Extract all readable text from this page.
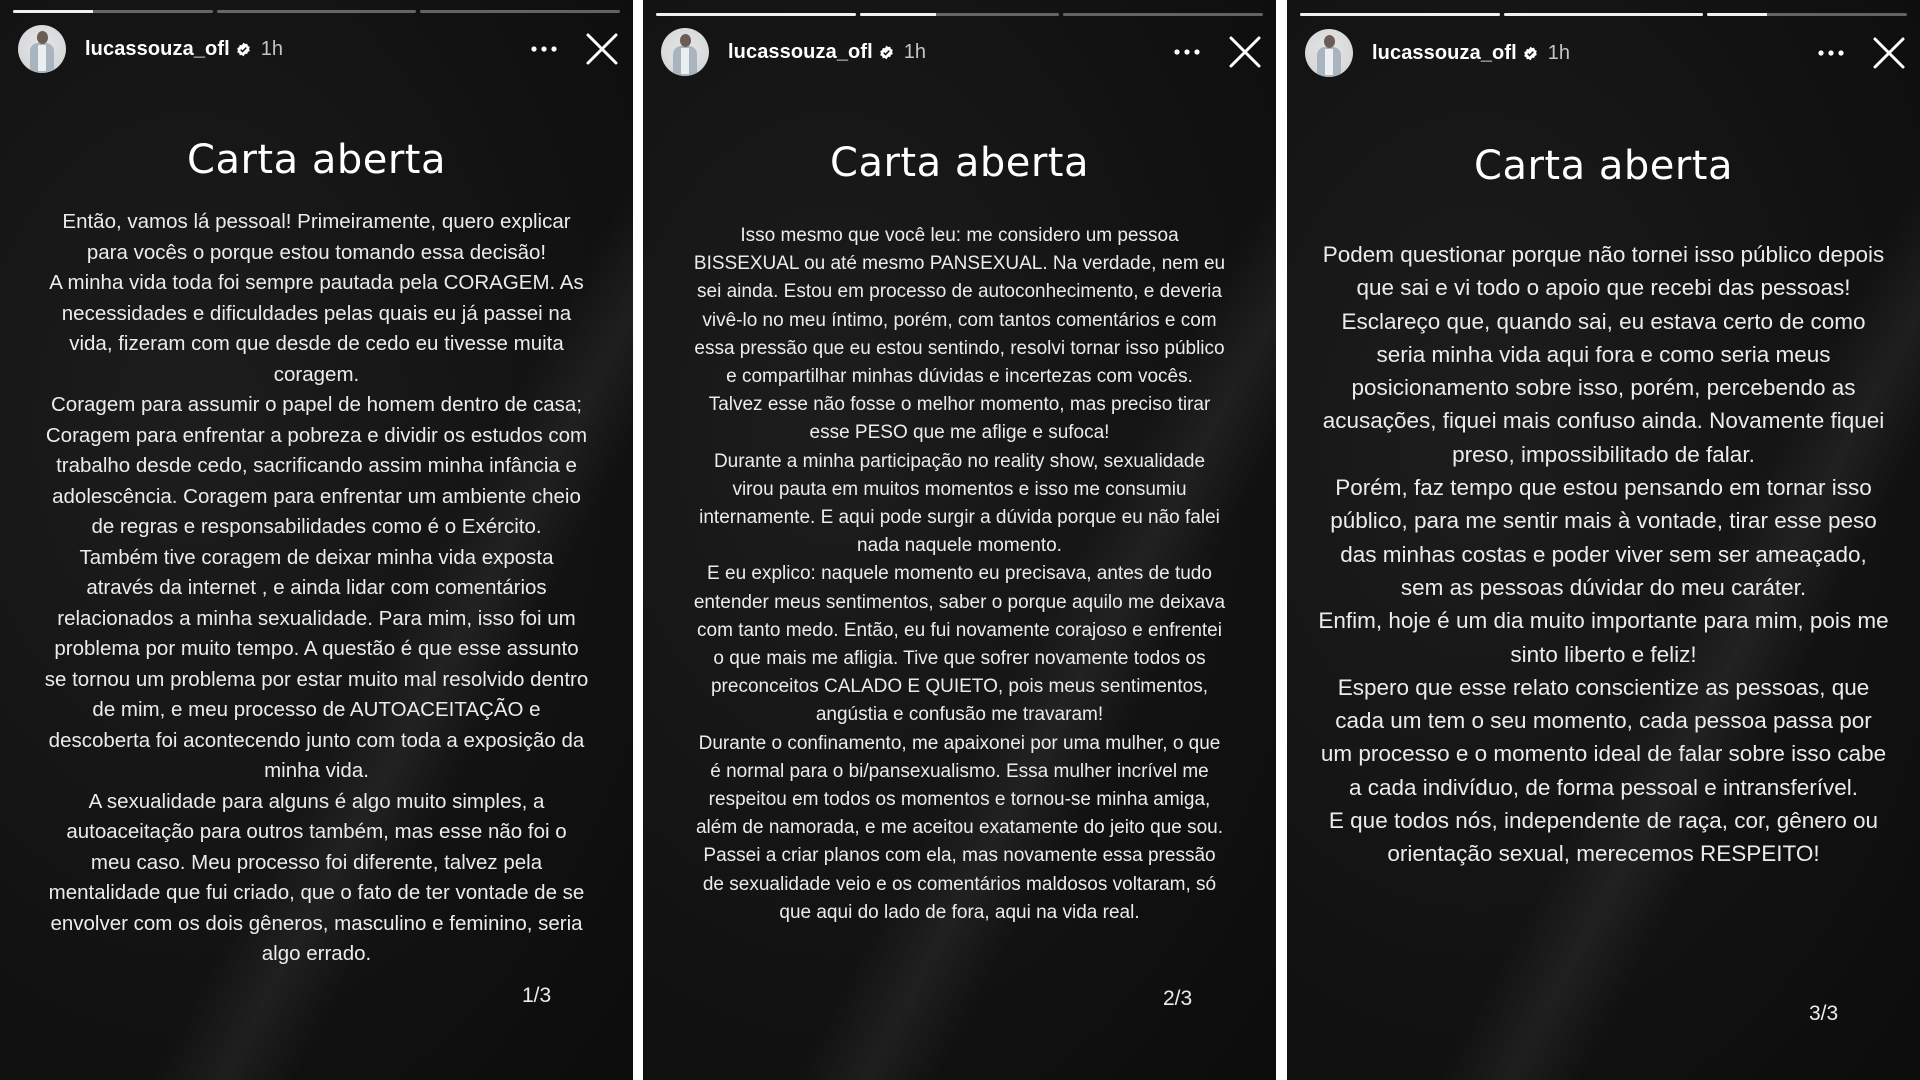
lucassouza_ofl 1h
Carta aberta
Então, vamos lá pessoal! Primeiramente, quero explicar
para vocês o porque estou tomando essa decisão!
A minha vida toda foi sempre pautada pela CORAGEM. As
necessidades e dificuldades pelas quais eu já passei na
vida, fizeram com que desde de cedo eu tivesse muita
coragem.
Coragem para assumir o papel de homem dentro de casa;
Coragem para enfrentar a pobreza e dividir os estudos com
trabalho desde cedo, sacrificando assim minha infância e
adolescência. Coragem para enfrentar um ambiente cheio
de regras e responsabilidades como é o Exército.
Também tive coragem de deixar minha vida exposta
através da internet , e ainda lidar com comentários
relacionados a minha sexualidade. Para mim, isso foi um
problema por muito tempo. A questão é que esse assunto
se tornou um problema por estar muito mal resolvido dentro
de mim, e meu processo de AUTOACEITAÇÃO e
descoberta foi acontecendo junto com toda a exposição da
minha vida.
A sexualidade para alguns é algo muito simples, a
autoaceitação para outros também, mas esse não foi o
meu caso. Meu processo foi diferente, talvez pela
mentalidade que fui criado, que o fato de ter vontade de se
envolver com os dois gêneros, masculino e feminino, seria
algo errado.
1/3
lucassouza_ofl 1h
Carta aberta
Isso mesmo que você leu: me considero um pessoa
BISSEXUAL ou até mesmo PANSEXUAL. Na verdade, nem eu
sei ainda. Estou em processo de autoconhecimento, e deveria
vivê-lo no meu íntimo, porém, com tantos comentários e com
essa pressão que eu estou sentindo, resolvi tornar isso público
e compartilhar minhas dúvidas e incertezas com vocês.
Talvez esse não fosse o melhor momento, mas preciso tirar
esse PESO que me aflige e sufoca!
Durante a minha participação no reality show, sexualidade
virou pauta em muitos momentos e isso me consumiu
internamente. E aqui pode surgir a dúvida porque eu não falei
nada naquele momento.
E eu explico: naquele momento eu precisava, antes de tudo
entender meus sentimentos, saber o porque aquilo me deixava
com tanto medo. Então, eu fui novamente corajoso e enfrentei
o que mais me afligia. Tive que sofrer novamente todos os
preconceitos CALADO E QUIETO, pois meus sentimentos,
angústia e confusão me travaram!
Durante o confinamento, me apaixonei por uma mulher, o que
é normal para o bi/pansexualismo. Essa mulher incrível me
respeitou em todos os momentos e tornou-se minha amiga,
além de namorada, e me aceitou exatamente do jeito que sou.
Passei a criar planos com ela, mas novamente essa pressão
de sexualidade veio e os comentários maldosos voltaram, só
que aqui do lado de fora, aqui na vida real.
2/3
lucassouza_ofl 1h
Carta aberta
Podem questionar porque não tornei isso público depois
que sai e vi todo o apoio que recebi das pessoas!
Esclareço que, quando sai, eu estava certo de como
seria minha vida aqui fora e como seria meus
posicionamento sobre isso, porém, percebendo as
acusações, fiquei mais confuso ainda. Novamente fiquei
preso, impossibilitado de falar.
Porém, faz tempo que estou pensando em tornar isso
público, para me sentir mais à vontade, tirar esse peso
das minhas costas e poder viver sem ser ameaçado,
sem as pessoas dúvidar do meu caráter.
Enfim, hoje é um dia muito importante para mim, pois me
sinto liberto e feliz!
Espero que esse relato conscientize as pessoas, que
cada um tem o seu momento, cada pessoa passa por
um processo e o momento ideal de falar sobre isso cabe
a cada indivíduo, de forma pessoal e intransferível.
E que todos nós, independente de raça, cor, gênero ou
orientação sexual, merecemos RESPEITO!
3/3
